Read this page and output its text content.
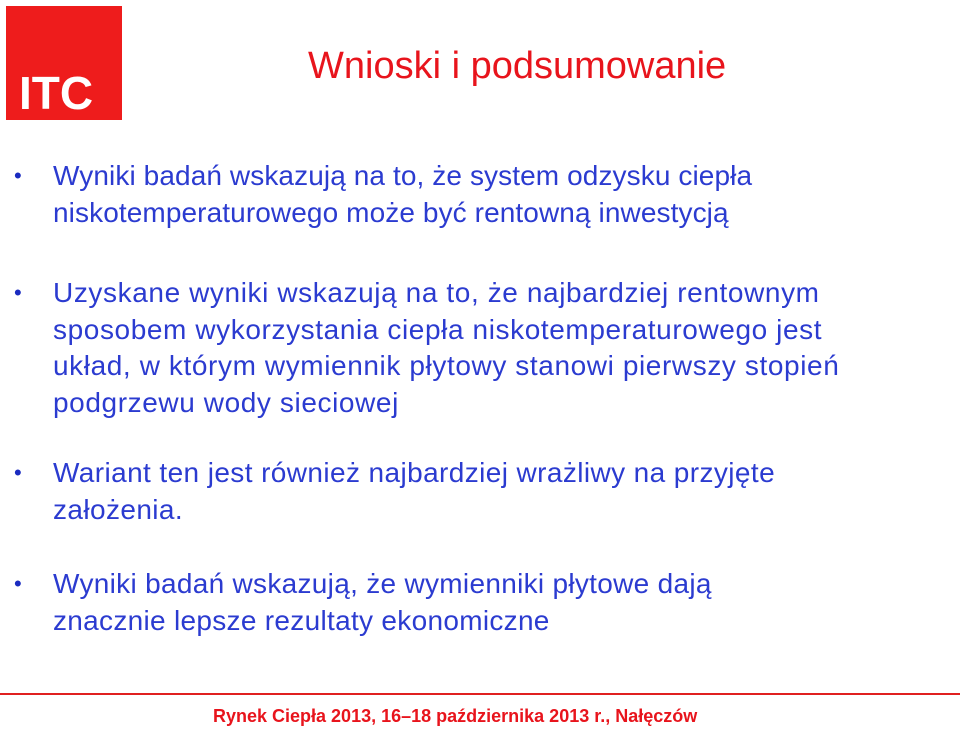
ITC
Wnioski i podsumowanie
• Wyniki badań wskazują na to, że system odzysku ciepła
niskotemperaturowego może być rentowną inwestycją
• Uzyskane wyniki wskazują na to, że najbardziej rentownym
sposobem wykorzystania ciepła niskotemperaturowego jest
układ, w którym wymiennik płytowy stanowi pierwszy stopień
podgrzewu wody sieciowej
• Wariant ten jest również najbardziej wrażliwy na przyjęte
założenia.
• Wyniki badań wskazują, że wymienniki płytowe dają
znacznie lepsze rezultaty ekonomiczne
Rynek Ciepła 2013, 16–18 października 2013 r., Nałęczów
